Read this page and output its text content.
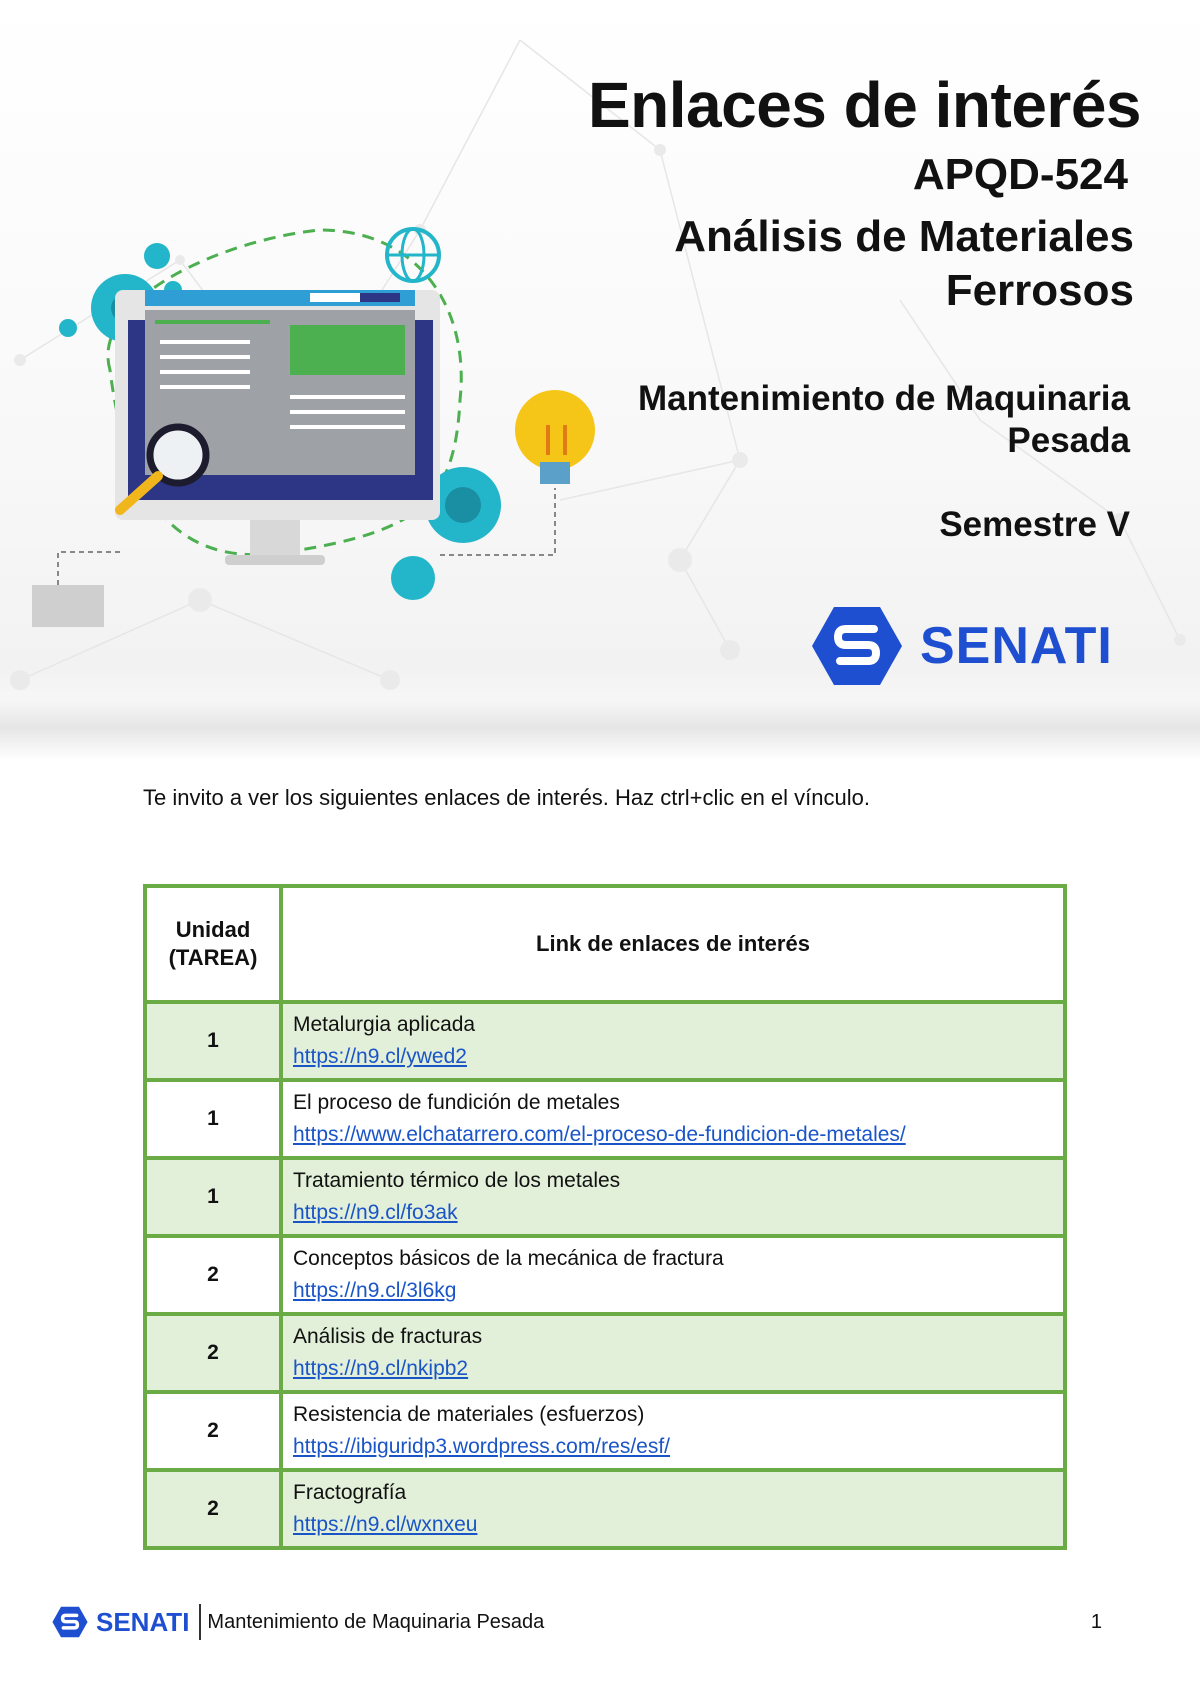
Enlaces de interés
APQD-524
Análisis de Materiales
Ferrosos
Mantenimiento de Maquinaria
Pesada
Semestre V
SENATI
Te invito a ver los siguientes enlaces de interés. Haz ctrl+clic en el vínculo.
Unidad (TAREA)	Link de enlaces de interés
1	Metalurgia aplicada
https://n9.cl/ywed2
1	El proceso de fundición de metales
https://www.elchatarrero.com/el-proceso-de-fundicion-de-metales/
1	Tratamiento térmico de los metales
https://n9.cl/fo3ak
2	Conceptos básicos de la mecánica de fractura
https://n9.cl/3l6kg
2	Análisis de fracturas
https://n9.cl/nkipb2
2	Resistencia de materiales (esfuerzos)
https://ibiguridp3.wordpress.com/res/esf/
2	Fractografía
https://n9.cl/wxnxeu
SENATI Mantenimiento de Maquinaria Pesada	1
